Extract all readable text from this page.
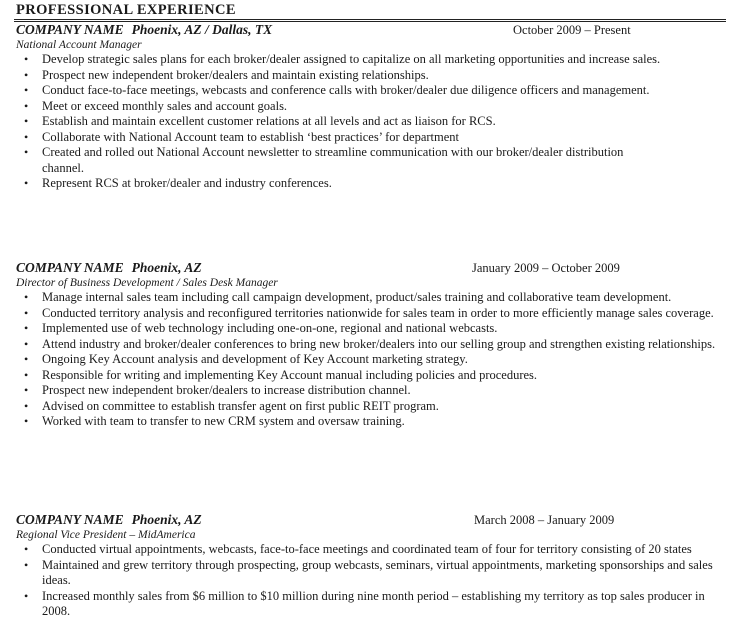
PROFESSIONAL EXPERIENCE
COMPANY NAME Phoenix, AZ / Dallas, TX	October 2009 – Present
National Account Manager
• Develop strategic sales plans for each broker/dealer assigned to capitalize on all marketing opportunities and increase sales.
• Prospect new independent broker/dealers and maintain existing relationships.
• Conduct face-to-face meetings, webcasts and conference calls with broker/dealer due diligence officers and management.
• Meet or exceed monthly sales and account goals.
• Establish and maintain excellent customer relations at all levels and act as liaison for RCS.
• Collaborate with National Account team to establish ‘best practices’ for department
• Created and rolled out National Account newsletter to streamline communication with our broker/dealer distribution channel.
• Represent RCS at broker/dealer and industry conferences.
COMPANY NAME Phoenix, AZ	January 2009 – October 2009
Director of Business Development / Sales Desk Manager
• Manage internal sales team including call campaign development, product/sales training and collaborative team development.
• Conducted territory analysis and reconfigured territories nationwide for sales team in order to more efficiently manage sales coverage.
• Implemented use of web technology including one-on-one, regional and national webcasts.
• Attend industry and broker/dealer conferences to bring new broker/dealers into our selling group and strengthen existing relationships.
• Ongoing Key Account analysis and development of Key Account marketing strategy.
• Responsible for writing and implementing Key Account manual including policies and procedures.
• Prospect new independent broker/dealers to increase distribution channel.
• Advised on committee to establish transfer agent on first public REIT program.
• Worked with team to transfer to new CRM system and oversaw training.
COMPANY NAME Phoenix, AZ	March 2008 – January 2009
Regional Vice President – MidAmerica
• Conducted virtual appointments, webcasts, face-to-face meetings and coordinated team of four for territory consisting of 20 states
• Maintained and grew territory through prospecting, group webcasts, seminars, virtual appointments, marketing sponsorships and sales ideas.
• Increased monthly sales from $6 million to $10 million during nine month period – establishing my territory as top sales producer in 2008.
